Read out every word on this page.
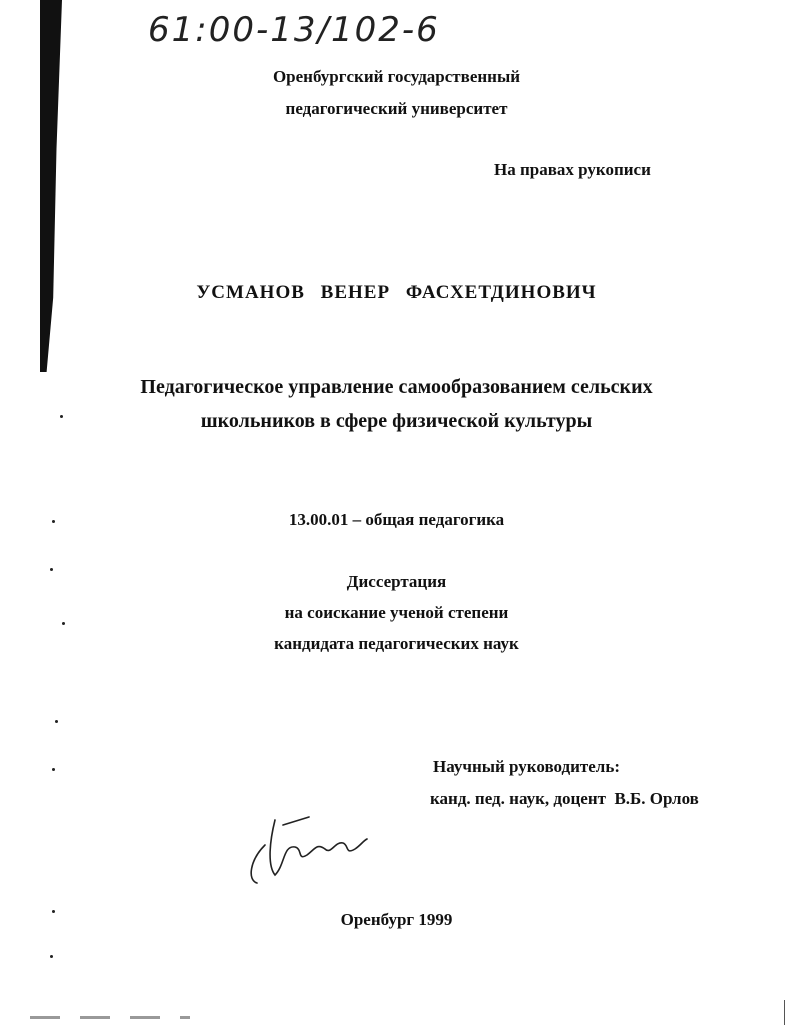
61:00-13/102-6
Оренбургский государственный
педагогический университет
На правах рукописи
УСМАНОВ ВЕНЕР ФАСХЕТДИНОВИЧ
Педагогическое управление самообразованием сельских
школьников в сфере физической культуры
13.00.01 – общая педагогика
Диссертация
на соискание ученой степени
кандидата педагогических наук
Научный руководитель:
канд. пед. наук, доцент  В.Б. Орлов
Оренбург 1999
